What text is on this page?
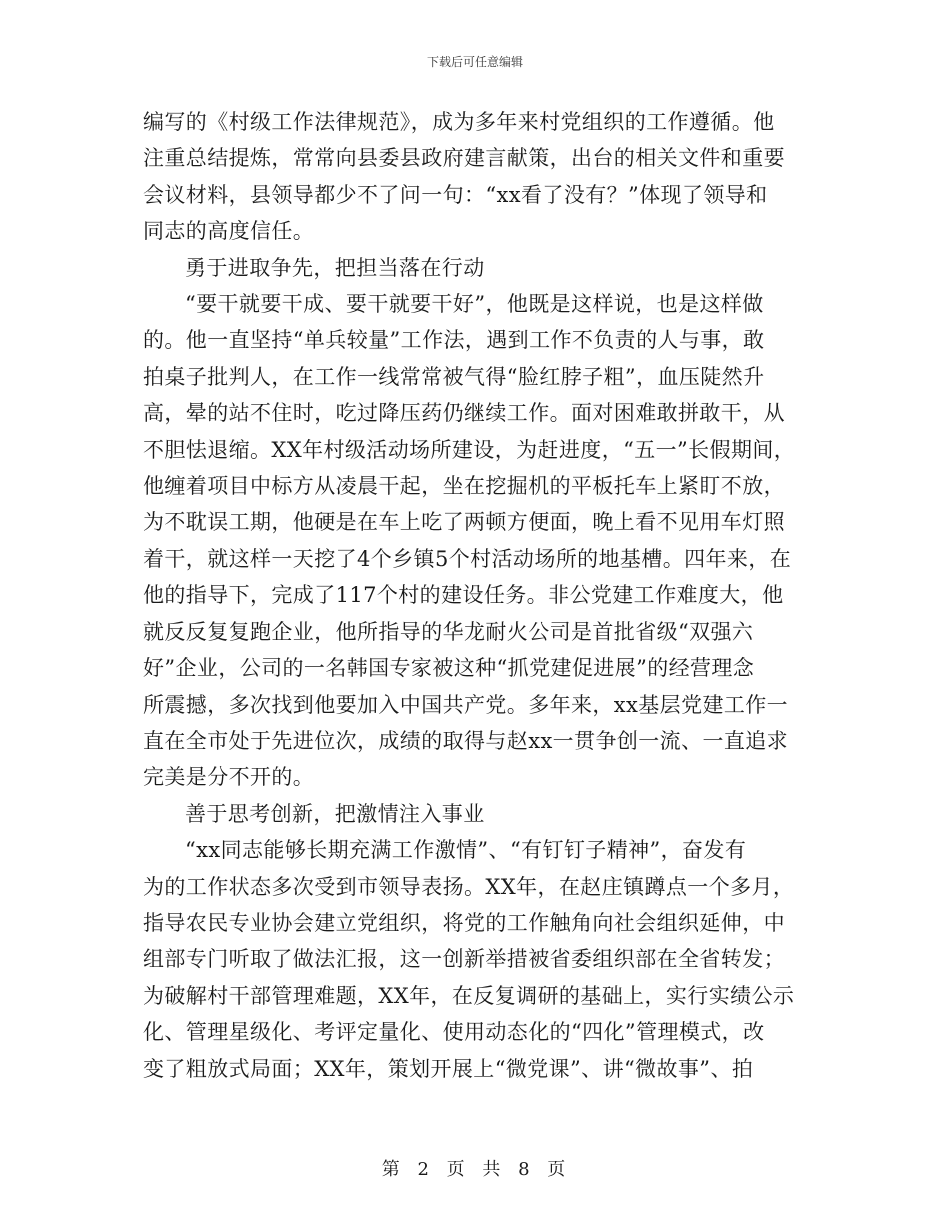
下载后可任意编辑

编写的《村级工作法律规范》，成为多年来村党组织的工作遵循。他
注重总结提炼，常常向县委县政府建言献策，出台的相关文件和重要
会议材料，县领导都少不了问一句：“xx看了没有？”体现了领导和
同志的高度信任。

勇于进取争先，把担当落在行动

“要干就要干成、要干就要干好”，他既是这样说，也是这样做
的。他一直坚持“单兵较量”工作法，遇到工作不负责的人与事，敢
拍桌子批判人，在工作一线常常被气得“脸红脖子粗”，血压陡然升
高，晕的站不住时，吃过降压药仍继续工作。面对困难敢拼敢干，从
不胆怯退缩。XX年村级活动场所建设，为赶进度，“五一”长假期间，
他缠着项目中标方从凌晨干起，坐在挖掘机的平板托车上紧盯不放，
为不耽误工期，他硬是在车上吃了两顿方便面，晚上看不见用车灯照
着干，就这样一天挖了4个乡镇5个村活动场所的地基槽。四年来，在
他的指导下，完成了117个村的建设任务。非公党建工作难度大，他
就反反复复跑企业，他所指导的华龙耐火公司是首批省级“双强六
好”企业，公司的一名韩国专家被这种“抓党建促进展”的经营理念
所震撼，多次找到他要加入中国共产党。多年来，xx基层党建工作一
直在全市处于先进位次，成绩的取得与赵xx一贯争创一流、一直追求
完美是分不开的。

善于思考创新，把激情注入事业

“xx同志能够长期充满工作激情”、“有钉钉子精神”，奋发有
为的工作状态多次受到市领导表扬。XX年，在赵庄镇蹲点一个多月，
指导农民专业协会建立党组织，将党的工作触角向社会组织延伸，中
组部专门听取了做法汇报，这一创新举措被省委组织部在全省转发；
为破解村干部管理难题，XX年，在反复调研的基础上，实行实绩公示
化、管理星级化、考评定量化、使用动态化的“四化”管理模式，改
变了粗放式局面；XX年，策划开展上“微党课”、讲“微故事”、拍

第 2 页 共 8 页
